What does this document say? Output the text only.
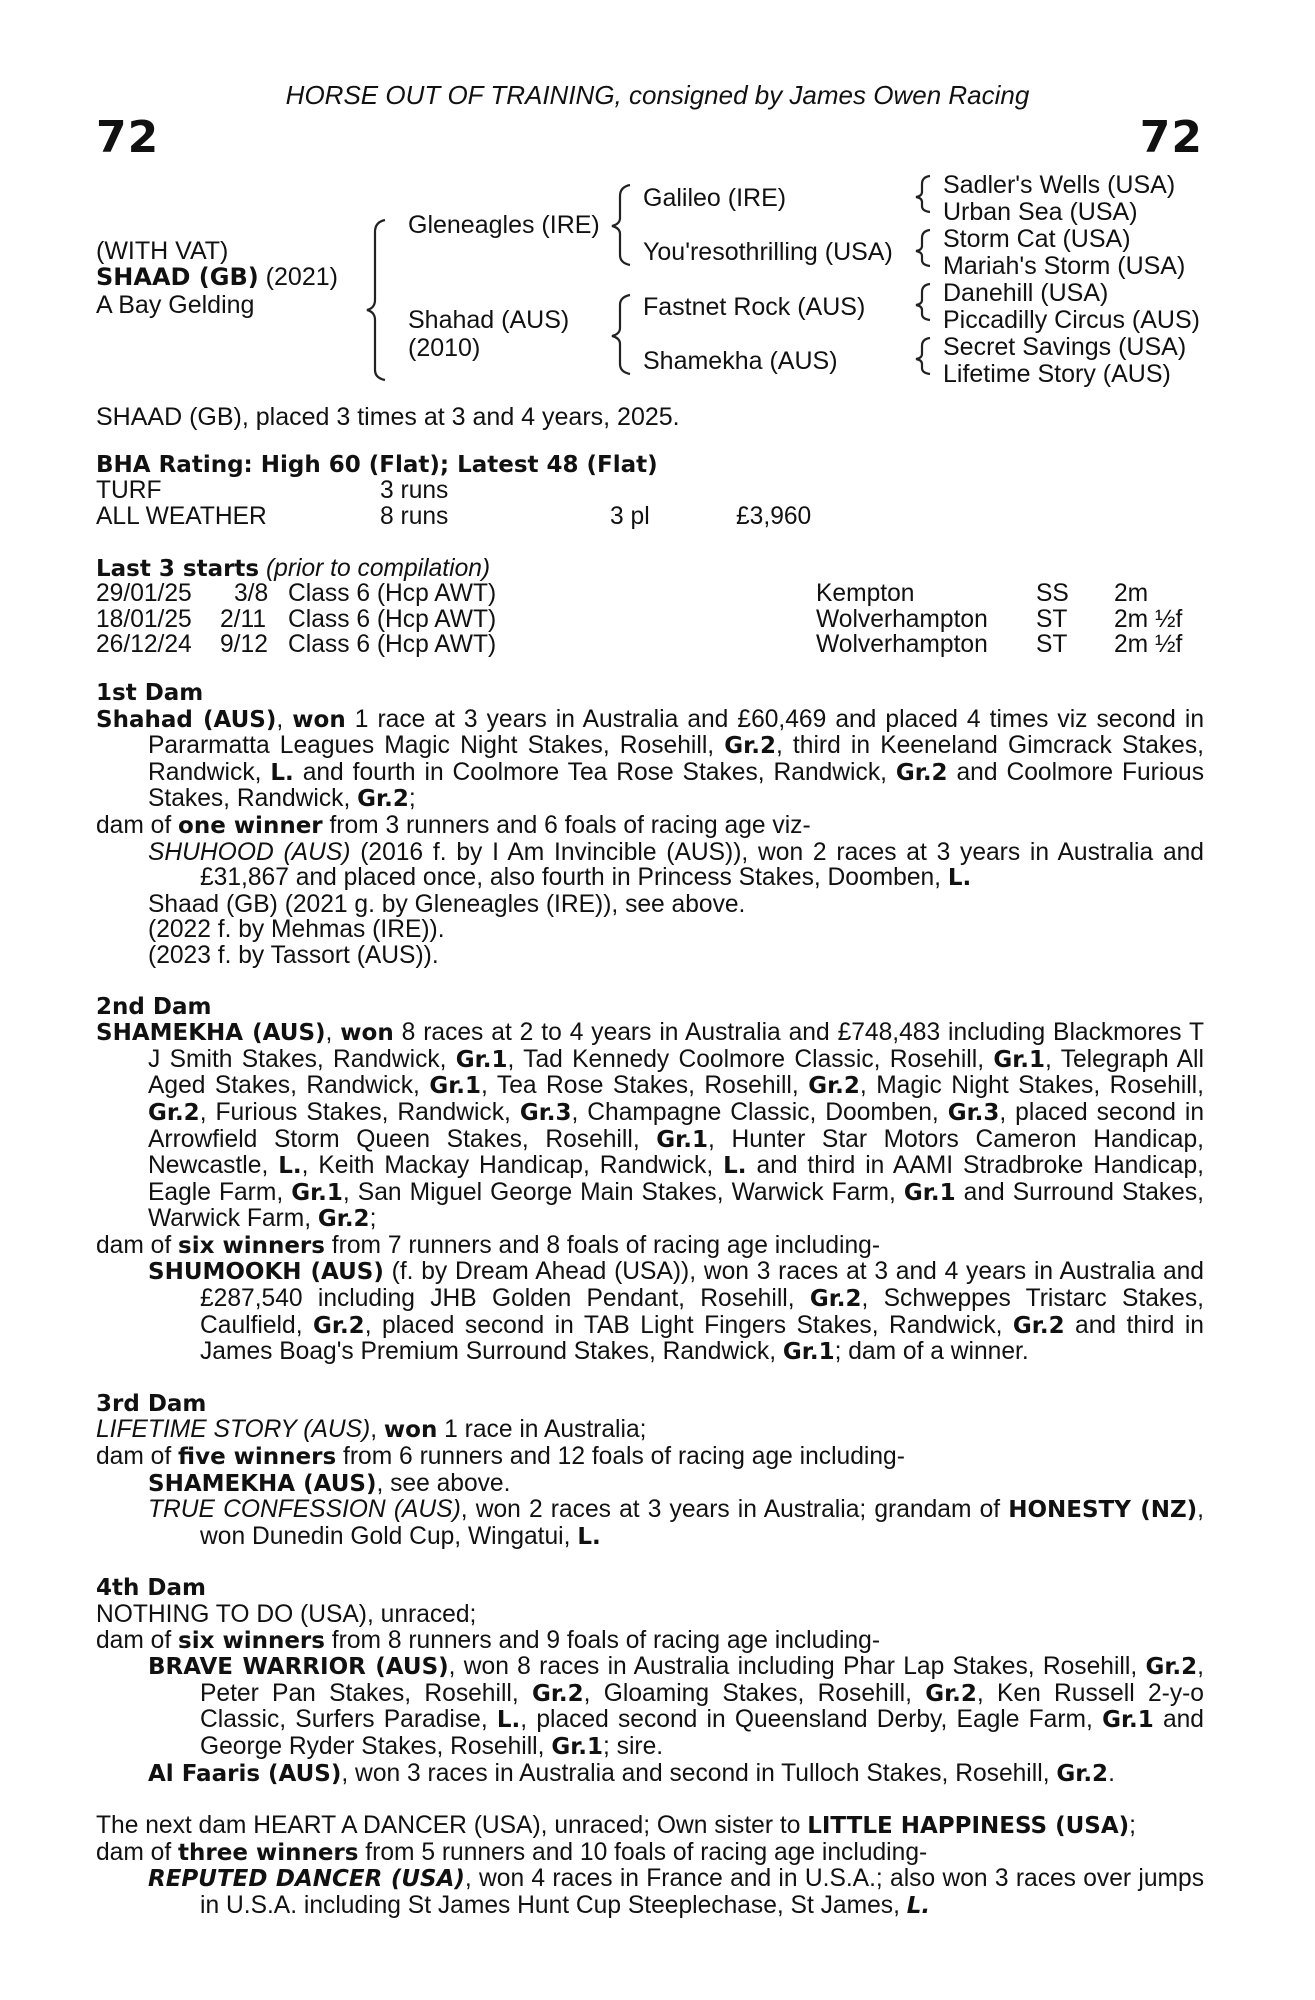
HORSE OUT OF TRAINING, consigned by James Owen Racing
72	72
(WITH VAT)
SHAAD (GB) (2021)
A Bay Gelding
Gleneagles (IRE)
Shahad (AUS)
(2010)
Galileo (IRE)
You'resothrilling (USA)
Fastnet Rock (AUS)
Shamekha (AUS)
Sadler's Wells (USA)
Urban Sea (USA)
Storm Cat (USA)
Mariah's Storm (USA)
Danehill (USA)
Piccadilly Circus (AUS)
Secret Savings (USA)
Lifetime Story (AUS)
SHAAD (GB), placed 3 times at 3 and 4 years, 2025.
BHA Rating: High 60 (Flat); Latest 48 (Flat)
TURF	3 runs
ALL WEATHER	8 runs	3 pl	£3,960
Last 3 starts (prior to compilation)
29/01/25 3/8 Class 6 (Hcp AWT)	Kempton	SS 2m
18/01/25 2/11 Class 6 (Hcp AWT)	Wolverhampton ST 2m ½f
26/12/24 9/12 Class 6 (Hcp AWT)	Wolverhampton ST 2m ½f
1st Dam
Shahad (AUS), won 1 race at 3 years in Australia and £60,469 and placed 4 times viz second in Pararmatta Leagues Magic Night Stakes, Rosehill, Gr.2, third in Keeneland Gimcrack Stakes, Randwick, L. and fourth in Coolmore Tea Rose Stakes, Randwick, Gr.2 and Coolmore Furious Stakes, Randwick, Gr.2;
dam of one winner from 3 runners and 6 foals of racing age viz-
SHUHOOD (AUS) (2016 f. by I Am Invincible (AUS)), won 2 races at 3 years in Australia and £31,867 and placed once, also fourth in Princess Stakes, Doomben, L.
Shaad (GB) (2021 g. by Gleneagles (IRE)), see above.
(2022 f. by Mehmas (IRE)).
(2023 f. by Tassort (AUS)).
2nd Dam
SHAMEKHA (AUS), won 8 races at 2 to 4 years in Australia and £748,483 including Blackmores T J Smith Stakes, Randwick, Gr.1, Tad Kennedy Coolmore Classic, Rosehill, Gr.1, Telegraph All Aged Stakes, Randwick, Gr.1, Tea Rose Stakes, Rosehill, Gr.2, Magic Night Stakes, Rosehill, Gr.2, Furious Stakes, Randwick, Gr.3, Champagne Classic, Doomben, Gr.3, placed second in Arrowfield Storm Queen Stakes, Rosehill, Gr.1, Hunter Star Motors Cameron Handicap, Newcastle, L., Keith Mackay Handicap, Randwick, L. and third in AAMI Stradbroke Handicap, Eagle Farm, Gr.1, San Miguel George Main Stakes, Warwick Farm, Gr.1 and Surround Stakes, Warwick Farm, Gr.2;
dam of six winners from 7 runners and 8 foals of racing age including-
SHUMOOKH (AUS) (f. by Dream Ahead (USA)), won 3 races at 3 and 4 years in Australia and £287,540 including JHB Golden Pendant, Rosehill, Gr.2, Schweppes Tristarc Stakes, Caulfield, Gr.2, placed second in TAB Light Fingers Stakes, Randwick, Gr.2 and third in James Boag's Premium Surround Stakes, Randwick, Gr.1; dam of a winner.
3rd Dam
LIFETIME STORY (AUS), won 1 race in Australia;
dam of five winners from 6 runners and 12 foals of racing age including-
SHAMEKHA (AUS), see above.
TRUE CONFESSION (AUS), won 2 races at 3 years in Australia; grandam of HONESTY (NZ), won Dunedin Gold Cup, Wingatui, L.
4th Dam
NOTHING TO DO (USA), unraced;
dam of six winners from 8 runners and 9 foals of racing age including-
BRAVE WARRIOR (AUS), won 8 races in Australia including Phar Lap Stakes, Rosehill, Gr.2, Peter Pan Stakes, Rosehill, Gr.2, Gloaming Stakes, Rosehill, Gr.2, Ken Russell 2-y-o Classic, Surfers Paradise, L., placed second in Queensland Derby, Eagle Farm, Gr.1 and George Ryder Stakes, Rosehill, Gr.1; sire.
Al Faaris (AUS), won 3 races in Australia and second in Tulloch Stakes, Rosehill, Gr.2.
The next dam HEART A DANCER (USA), unraced; Own sister to LITTLE HAPPINESS (USA);
dam of three winners from 5 runners and 10 foals of racing age including-
REPUTED DANCER (USA), won 4 races in France and in U.S.A.; also won 3 races over jumps in U.S.A. including St James Hunt Cup Steeplechase, St James, L.
